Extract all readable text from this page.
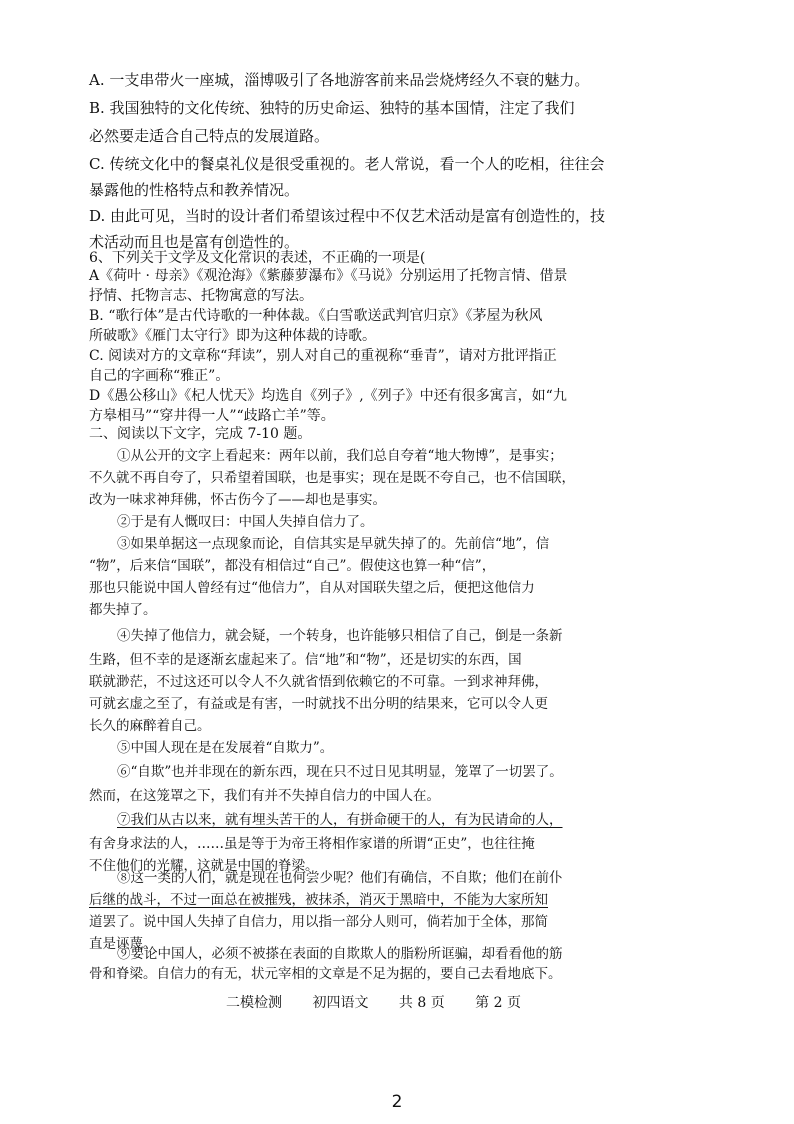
A. 一支串带火一座城，淄博吸引了各地游客前来品尝烧烤经久不衰的魅力。
B. 我国独特的文化传统、独特的历史命运、独特的基本国情，注定了我们
必然要走适合自己特点的发展道路。
C. 传统文化中的餐桌礼仪是很受重视的。老人常说，看一个人的吃相，往往会
暴露他的性格特点和教养情况。
D. 由此可见，当时的设计者们希望该过程中不仅艺术活动是富有创造性的，技
术活动而且也是富有创造性的。
6、下列关于文学及文化常识的表述，不正确的一项是(
A《荷叶 · 母亲》《观沧海》《紫藤萝瀑布》《马说》分别运用了托物言情、借景
抒情、托物言志、托物寓意的写法。
B. “歌行体”是古代诗歌的一种体裁。《白雪歌送武判官归京》《茅屋为秋风
所破歌》《雁门太守行》即为这种体裁的诗歌。
C. 阅读对方的文章称“拜读”，别人对自己的重视称“垂青”，请对方批评指正
自己的字画称“雅正”。
D《愚公移山》《杞人忧天》均选自《列子》,《列子》中还有很多寓言，如“九
方皋相马”“穿井得一人”“歧路亡羊”等。
二、阅读以下文字，完成 7-10 题。
①从公开的文字上看起来：两年以前，我们总自夸着“地大物博”，是事实；
不久就不再自夸了，只希望着国联，也是事实；现在是既不夸自己，也不信国联，
改为一味求神拜佛，怀古伤今了——却也是事实。
②于是有人慨叹曰：中国人失掉自信力了。
③如果单据这一点现象而论，自信其实是早就失掉了的。先前信“地”，信
“物”，后来信“国联”，都没有相信过“自己”。假使这也算一种“信”，
那也只能说中国人曾经有过“他信力”，自从对国联失望之后，便把这他信力
都失掉了。
④失掉了他信力，就会疑，一个转身，也许能够只相信了自己，倒是一条新
生路，但不幸的是逐渐玄虚起来了。信“地”和“物”，还是切实的东西，国
联就渺茫，不过这还可以令人不久就省悟到依赖它的不可靠。一到求神拜佛，
可就玄虚之至了，有益或是有害，一时就找不出分明的结果来，它可以令人更
长久的麻醉着自己。
⑤中国人现在是在发展着“自欺力”。
⑥“自欺”也并非现在的新东西，现在只不过日见其明显，笼罩了一切罢了。
然而，在这笼罩之下，我们有并不失掉自信力的中国人在。
⑦我们从古以来，就有埋头苦干的人，有拼命硬干的人，有为民请命的人，
有舍身求法的人，……虽是等于为帝王将相作家谱的所谓“正史”，也往往掩
不住他们的光耀，这就是中国的脊梁。
⑧这一类的人们，就是现在也何尝少呢？他们有确信，不自欺；他们在前仆
后继的战斗，不过一面总在被摧残，被抹杀，消灭于黑暗中，不能为大家所知
道罢了。说中国人失掉了自信力，用以指一部分人则可，倘若加于全体，那简
直是诬蔑。
二模检测 初四语文 共 8 页 第 2 页
2
⑨要论中国人，必须不被搽在表面的自欺欺人的脂粉所诓骗，却看看他的筋
骨和脊梁。自信力的有无，状元宰相的文章是不足为据的，要自己去看地底下。
